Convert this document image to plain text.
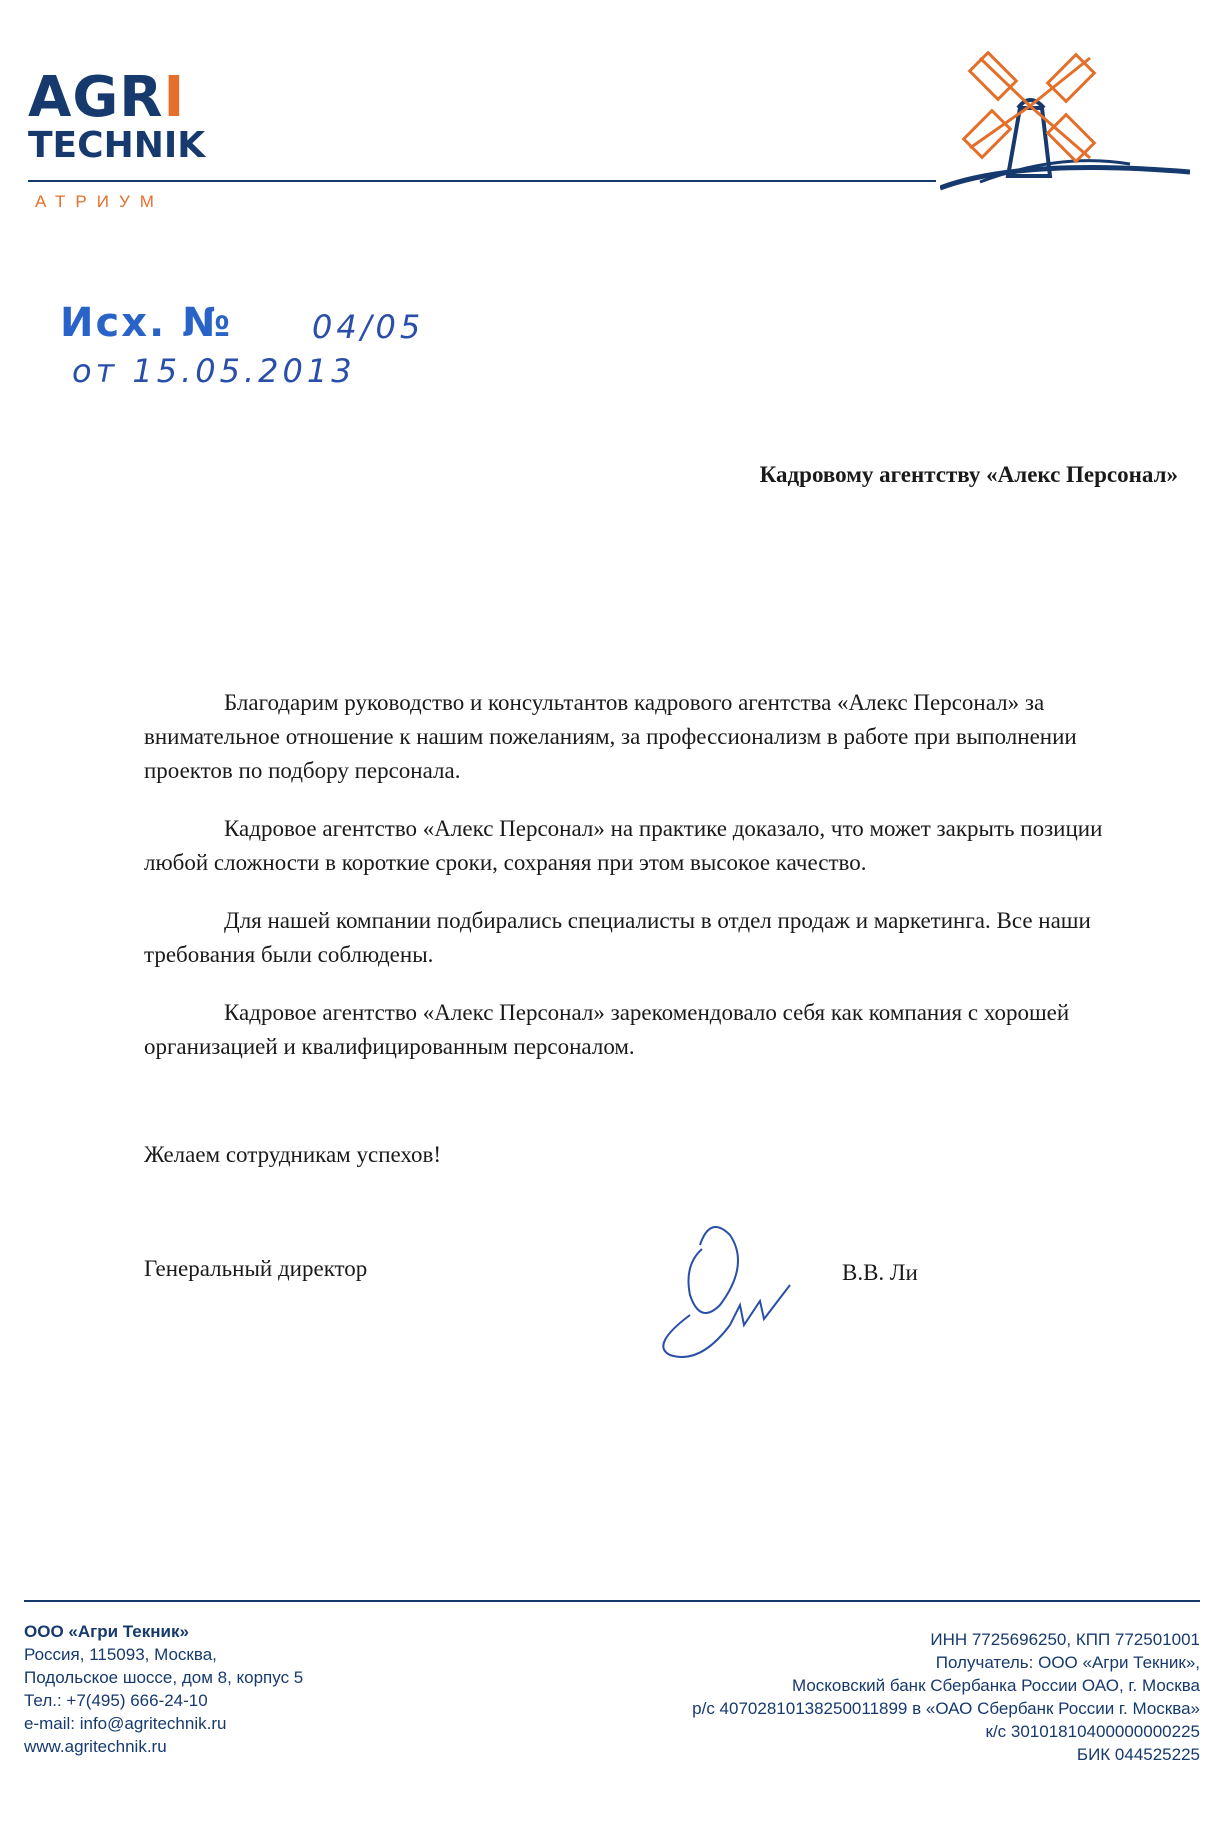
AGRI
TECHNIK
АТРИУМ
Исх. № 04/05
от 15.05.2013
Кадровому агентству «Алекс Персонал»

Благодарим руководство и консультантов кадрового агентства «Алекс Персонал» за внимательное отношение к нашим пожеланиям, за профессионализм в работе при выполнении проектов по подбору персонала.

Кадровое агентство «Алекс Персонал» на практике доказало, что может закрыть позиции любой сложности в короткие сроки, сохраняя при этом высокое качество.

Для нашей компании подбирались специалисты в отдел продаж и маркетинга. Все наши требования были соблюдены.

Кадровое агентство «Алекс Персонал» зарекомендовало себя как компания с хорошей организацией и квалифицированным персоналом.

Желаем сотрудникам успехов!
Генеральный директор	В.В. Ли
ООО «Агри Текник»
Россия, 115093, Москва,
Подольское шоссе, дом 8, корпус 5
Тел.: +7(495) 666-24-10
e-mail: info@agritechnik.ru
www.agritechnik.ru
ИНН 7725696250, КПП 772501001
Получатель: ООО «Агри Текник»,
Московский банк Сбербанка России ОАО, г. Москва
р/с 40702810138250011899 в «ОАО Сбербанк России г. Москва»
к/с 30101810400000000225
БИК 044525225
